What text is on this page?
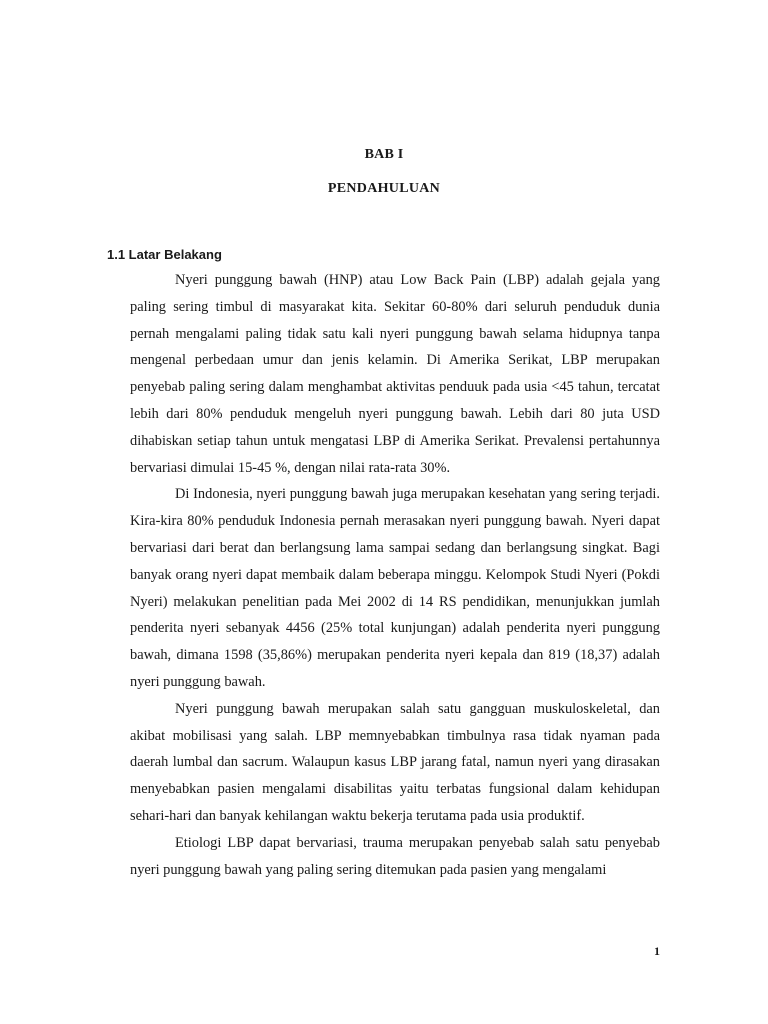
BAB I
PENDAHULUAN
1.1 Latar Belakang

Nyeri punggung bawah (HNP) atau Low Back Pain (LBP) adalah gejala yang paling sering timbul di masyarakat kita. Sekitar 60-80% dari seluruh penduduk dunia pernah mengalami paling tidak satu kali nyeri punggung bawah selama hidupnya tanpa mengenal perbedaan umur dan jenis kelamin. Di Amerika Serikat, LBP merupakan penyebab paling sering dalam menghambat aktivitas penduuk pada usia <45 tahun, tercatat lebih dari 80% penduduk mengeluh nyeri punggung bawah. Lebih dari 80 juta USD dihabiskan setiap tahun untuk mengatasi LBP di Amerika Serikat. Prevalensi pertahunnya bervariasi dimulai 15-45 %, dengan nilai rata-rata 30%.

Di Indonesia, nyeri punggung bawah juga merupakan kesehatan yang sering terjadi. Kira-kira 80% penduduk Indonesia pernah merasakan nyeri punggung bawah. Nyeri dapat bervariasi dari berat dan berlangsung lama sampai sedang dan berlangsung singkat. Bagi banyak orang nyeri dapat membaik dalam beberapa minggu. Kelompok Studi Nyeri (Pokdi Nyeri) melakukan penelitian pada Mei 2002 di 14 RS pendidikan, menunjukkan jumlah penderita nyeri sebanyak 4456 (25% total kunjungan) adalah penderita nyeri punggung bawah, dimana 1598 (35,86%) merupakan penderita nyeri kepala dan 819 (18,37) adalah nyeri punggung bawah.

Nyeri punggung bawah merupakan salah satu gangguan muskuloskeletal, dan akibat mobilisasi yang salah. LBP memnyebabkan timbulnya rasa tidak nyaman pada daerah lumbal dan sacrum. Walaupun kasus LBP jarang fatal, namun nyeri yang dirasakan menyebabkan pasien mengalami disabilitas yaitu terbatas fungsional dalam kehidupan sehari-hari dan banyak kehilangan waktu bekerja terutama pada usia produktif.

Etiologi LBP dapat bervariasi, trauma merupakan penyebab salah satu penyebab nyeri punggung bawah yang paling sering ditemukan pada pasien yang mengalami

1
